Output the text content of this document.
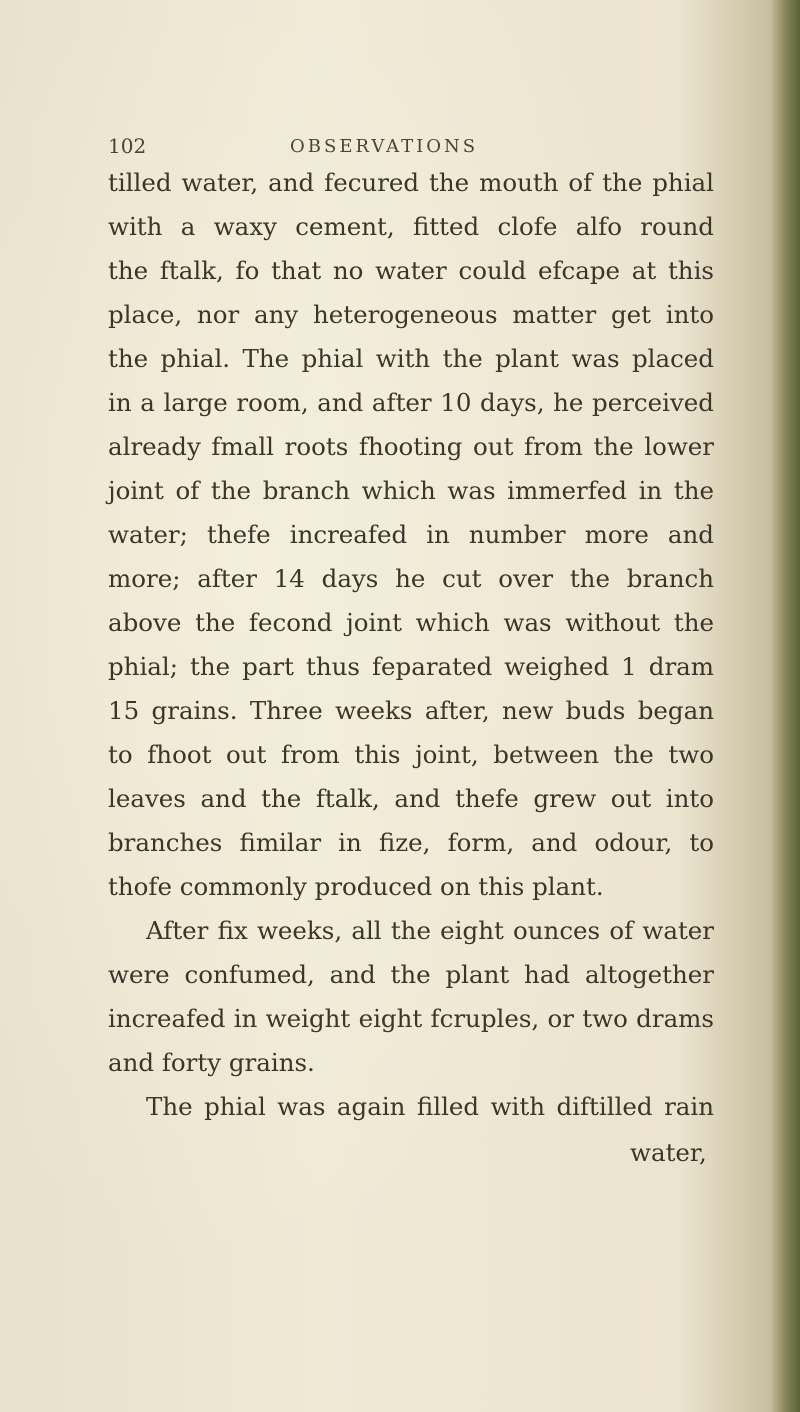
102	OBSERVATIONS
tilled water, and fecured the mouth of the phial
with a waxy cement, fitted clofe alfo round
the ftalk, fo that no water could efcape at this
place, nor any heterogeneous matter get into
the phial. The phial with the plant was placed
in a large room, and after 10 days, he perceived
already fmall roots fhooting out from the lower
joint of the branch which was immerfed in the
water; thefe increafed in number more and
more; after 14 days he cut over the branch
above the fecond joint which was without the
phial; the part thus feparated weighed 1 dram
15 grains. Three weeks after, new buds began
to fhoot out from this joint, between the two
leaves and the ftalk, and thefe grew out into
branches fimilar in fize, form, and odour, to
thofe commonly produced on this plant.
After fix weeks, all the eight ounces of water
were confumed, and the plant had altogether
increafed in weight eight fcruples, or two drams
and forty grains.
The phial was again filled with diftilled rain
water,
